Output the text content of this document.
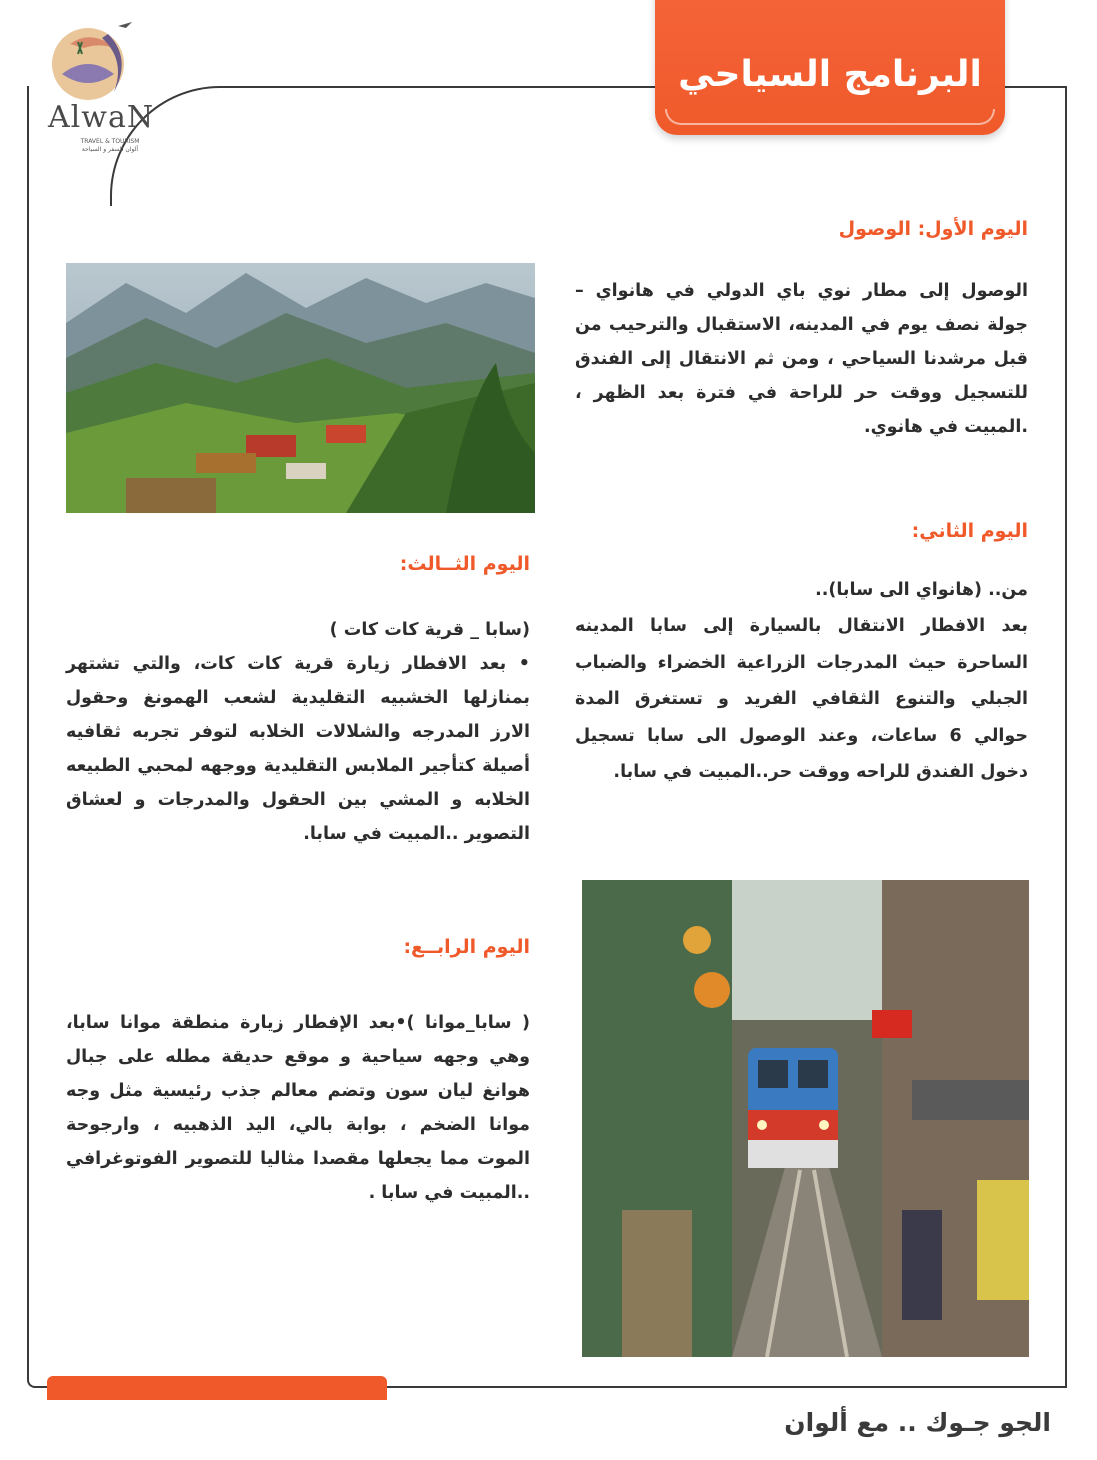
AlwaN
TRAVEL & TOURISM
ألوان للسفر و السياحة
البرنامج السياحي
اليوم الأول: الوصول
الوصول إلى مطار نوي باي الدولي في هانواي – جولة نصف يوم في المدينه، الاستقبال والترحيب من قبل مرشدنا السياحي ، ومن ثم الانتقال إلى الفندق للتسجيل ووقت حر للراحة في فترة بعد الظهر ، .المبيت في هانوي.
اليوم الثاني:
من.. (هانواي الى سابا)..
بعد الافطار الانتقال بالسيارة إلى سابا المدينه الساحرة حيث المدرجات الزراعية الخضراء والضباب الجبلي والتنوع الثقافي الفريد و تستغرق المدة حوالي 6 ساعات، وعند الوصول الى سابا تسجيل دخول الفندق للراحه ووقت حر..المبيت في سابا.
اليوم الثــالث:
(سابا _ قرية كات كات )
• بعد الافطار زيارة قرية كات كات، والتي تشتهر بمنازلها الخشبيه التقليدية لشعب الهمونغ وحقول الارز المدرجه والشلالات الخلابه لتوفر تجربه ثقافيه أصيلة كتأجير الملابس التقليدية ووجهه لمحبي الطبيعه الخلابه و المشي بين الحقول والمدرجات و لعشاق التصوير ..المبيت في سابا.
اليوم الرابــع:
( سابا_موانا )•بعد الإفطار زيارة منطقة موانا سابا، وهي وجهه سياحية و موقع حديقة مطله على جبال هوانغ ليان سون وتضم معالم جذب رئيسية مثل وجه موانا الضخم ، بوابة بالي، اليد الذهبيه ، وارجوحة الموت مما يجعلها مقصدا مثاليا للتصوير الفوتوغرافي ..المبيت في سابا .
الجو جـوك .. مع ألوان
